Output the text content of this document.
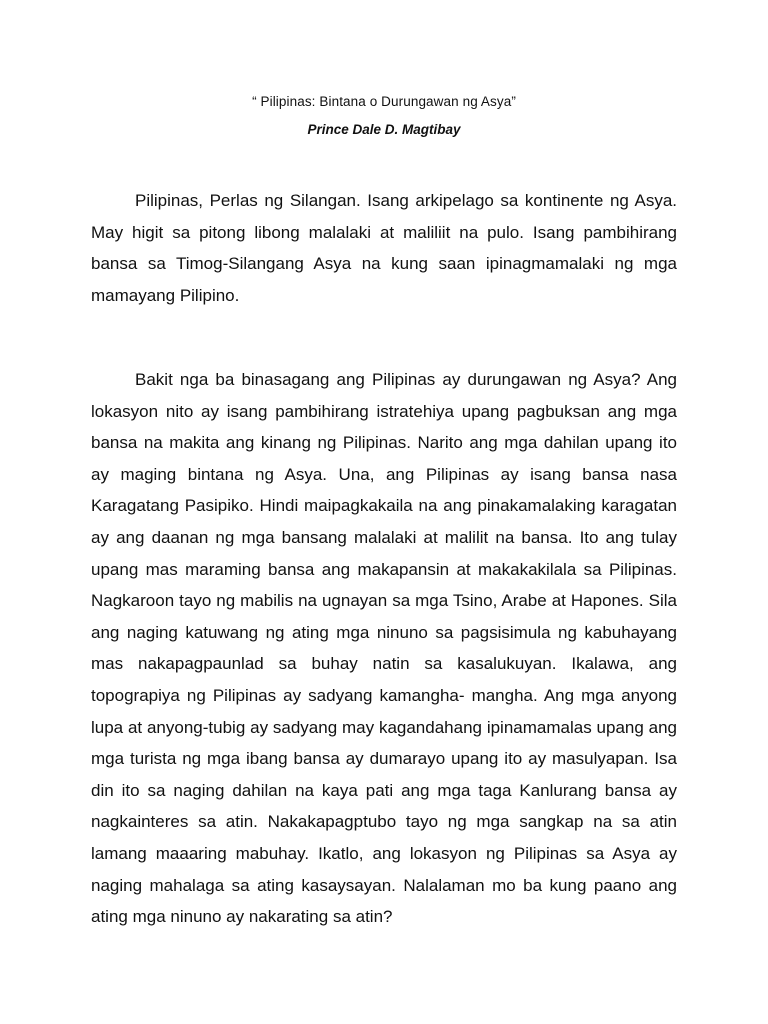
“ Pilipinas: Bintana o Durungawan ng Asya”
Prince Dale D. Magtibay

Pilipinas, Perlas ng Silangan. Isang arkipelago sa kontinente ng Asya. May higit sa pitong libong malalaki at maliliit na pulo. Isang pambihirang bansa sa Timog-Silangang Asya na kung saan ipinagmamalaki ng mga mamayang Pilipino.

Bakit nga ba binasagang ang Pilipinas ay durungawan ng Asya? Ang lokasyon nito ay isang pambihirang istratehiya upang pagbuksan ang mga bansa na makita ang kinang ng Pilipinas. Narito ang mga dahilan upang ito ay maging bintana ng Asya. Una, ang Pilipinas ay isang bansa nasa Karagatang Pasipiko. Hindi maipagkakaila na ang pinakamalaking karagatan ay ang daanan ng mga bansang malalaki at malilit na bansa. Ito ang tulay upang mas maraming bansa ang makapansin at makakakilala sa Pilipinas. Nagkaroon tayo ng mabilis na ugnayan sa mga Tsino, Arabe at Hapones. Sila ang naging katuwang ng ating mga ninuno sa pagsisimula ng kabuhayang mas nakapagpaunlad sa buhay natin sa kasalukuyan. Ikalawa, ang topograpiya ng Pilipinas ay sadyang kamangha- mangha. Ang mga anyong lupa at anyong-tubig ay sadyang may kagandahang ipinamamalas upang ang mga turista ng mga ibang bansa ay dumarayo upang ito ay masulyapan. Isa din ito sa naging dahilan na kaya pati ang mga taga Kanlurang bansa ay nagkainteres sa atin. Nakakapagptubo tayo ng mga sangkap na sa atin lamang maaaring mabuhay. Ikatlo, ang lokasyon ng Pilipinas sa Asya ay naging mahalaga sa ating kasaysayan. Nalalaman mo ba kung paano ang ating mga ninuno ay nakarating sa atin?
